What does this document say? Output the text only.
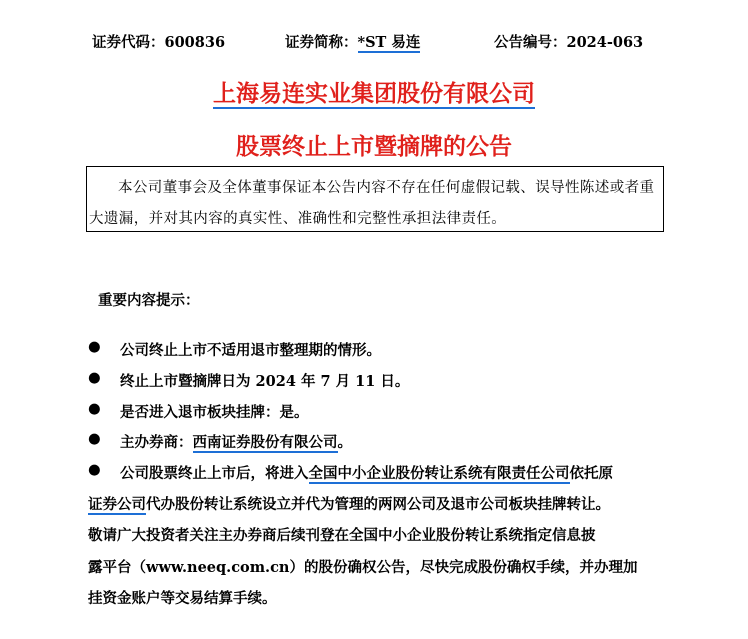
证券代码：600836	证券简称：*ST 易连	公告编号：2024-063
上海易连实业集团股份有限公司
股票终止上市暨摘牌的公告

本公司董事会及全体董事保证本公告内容不存在任何虚假记载、误导性陈述或者重大遗漏，并对其内容的真实性、准确性和完整性承担法律责任。

重要内容提示：
●	公司终止上市不适用退市整理期的情形。
●	终止上市暨摘牌日为 2024 年 7 月 11 日。
●	是否进入退市板块挂牌：是。
●	主办券商：西南证券股份有限公司。
●	公司股票终止上市后，将进入全国中小企业股份转让系统有限责任公司依托原
证券公司代办股份转让系统设立并代为管理的两网公司及退市公司板块挂牌转让。
敬请广大投资者关注主办券商后续刊登在全国中小企业股份转让系统指定信息披
露平台（www.neeq.com.cn）的股份确权公告，尽快完成股份确权手续，并办理加
挂资金账户等交易结算手续。
